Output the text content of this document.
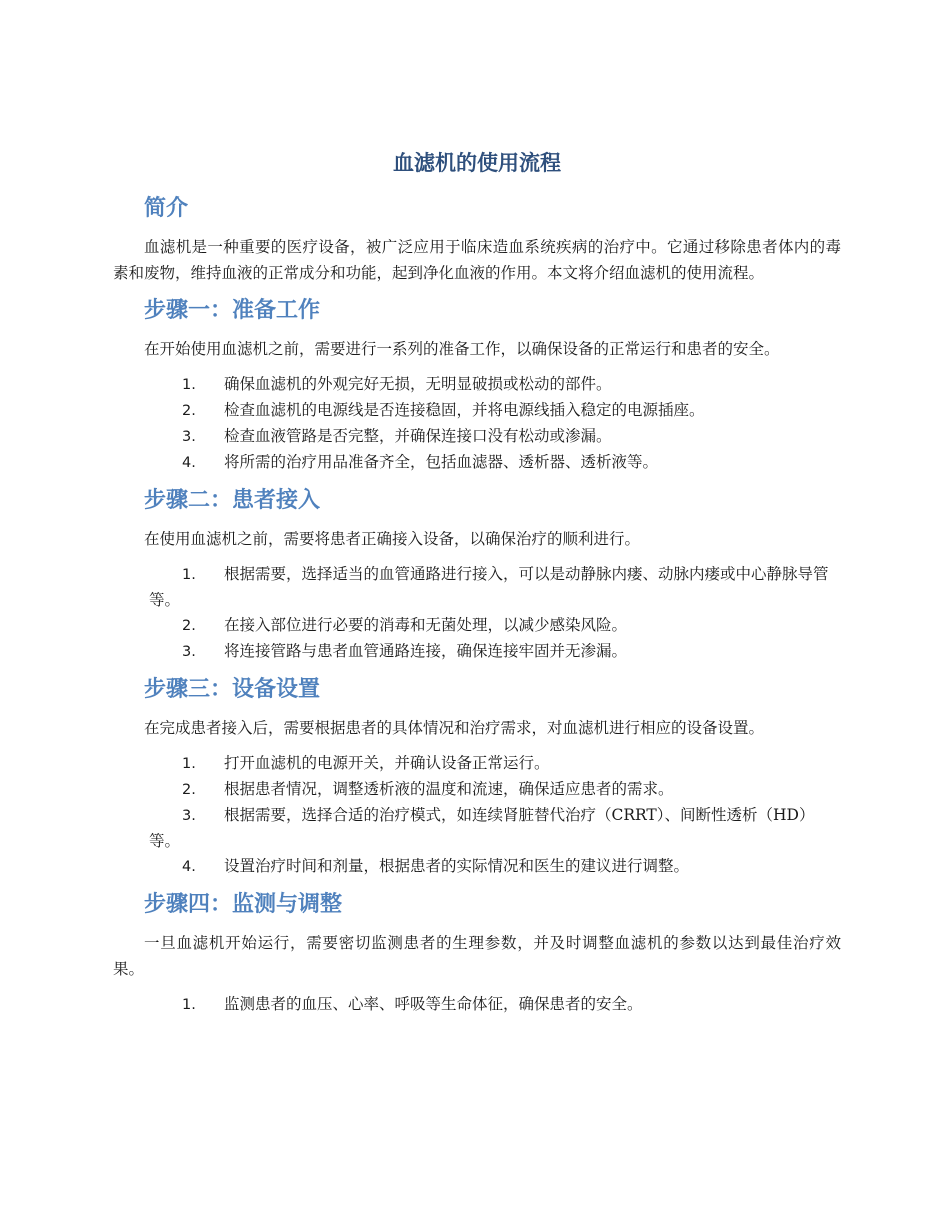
血滤机的使用流程
简介

血滤机是一种重要的医疗设备，被广泛应用于临床造血系统疾病的治疗中。它通过移除患者体内的毒素和废物，维持血液的正常成分和功能，起到净化血液的作用。本文将介绍血滤机的使用流程。

步骤一：准备工作

在开始使用血滤机之前，需要进行一系列的准备工作，以确保设备的正常运行和患者的安全。

1. 确保血滤机的外观完好无损，无明显破损或松动的部件。
2. 检查血滤机的电源线是否连接稳固，并将电源线插入稳定的电源插座。
3. 检查血液管路是否完整，并确保连接口没有松动或渗漏。
4. 将所需的治疗用品准备齐全，包括血滤器、透析器、透析液等。
步骤二：患者接入

在使用血滤机之前，需要将患者正确接入设备，以确保治疗的顺利进行。

1. 根据需要，选择适当的血管通路进行接入，可以是动静脉内瘘、动脉内瘘或中心静脉导管等。
2. 在接入部位进行必要的消毒和无菌处理，以减少感染风险。
3. 将连接管路与患者血管通路连接，确保连接牢固并无渗漏。
步骤三：设备设置

在完成患者接入后，需要根据患者的具体情况和治疗需求，对血滤机进行相应的设备设置。

1. 打开血滤机的电源开关，并确认设备正常运行。
2. 根据患者情况，调整透析液的温度和流速，确保适应患者的需求。
3. 根据需要，选择合适的治疗模式，如连续肾脏替代治疗（CRRT）、间断性透析（HD）等。
4. 设置治疗时间和剂量，根据患者的实际情况和医生的建议进行调整。
步骤四：监测与调整

一旦血滤机开始运行，需要密切监测患者的生理参数，并及时调整血滤机的参数以达到最佳治疗效果。

1. 监测患者的血压、心率、呼吸等生命体征，确保患者的安全。
